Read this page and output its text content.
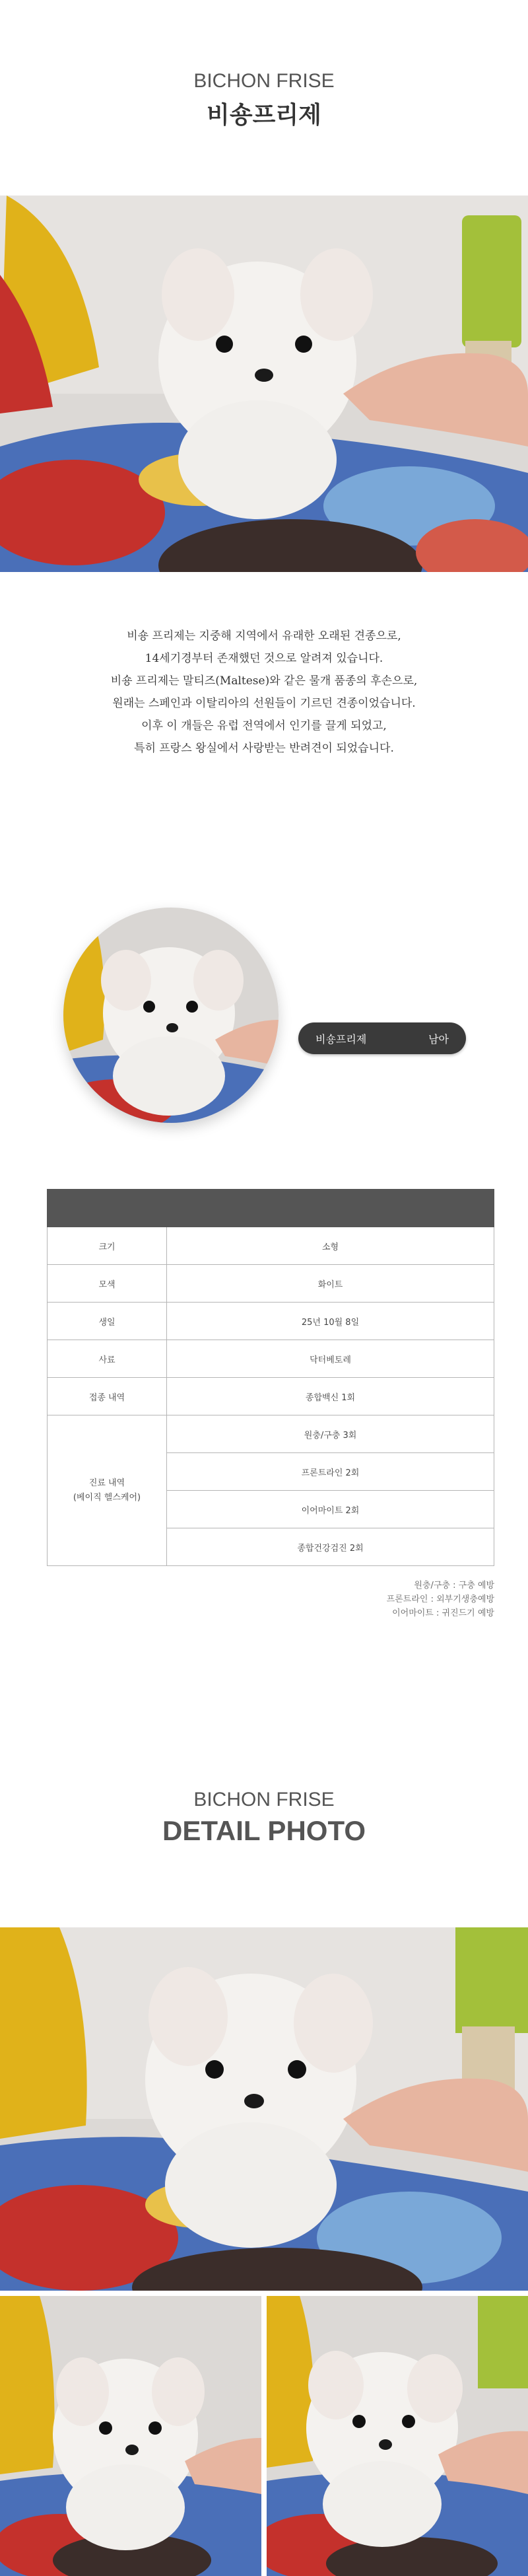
BICHON FRISE
비숑프리제

비숑 프리제는 지중해 지역에서 유래한 오래된 견종으로,

14세기경부터 존재했던 것으로 알려져 있습니다.

비숑 프리제는 말티즈(Maltese)와 같은 물개 품종의 후손으로,

원래는 스페인과 이탈리아의 선원들이 기르던 견종이었습니다.

이후 이 개들은 유럽 전역에서 인기를 끌게 되었고,

특히 프랑스 왕실에서 사랑받는 반려견이 되었습니다.

비숑프리제	남아

크기	소형
모색	화이트
생일	25년 10월 8일
사료	닥터베토레
접종 내역	종합백신 1회

진료 내역
(베이직 헬스케어)	원충/구충 3회
	프론트라인 2회
	이어마이트 2회
	종합건강검진 2회
원충/구충 : 구충 예방
프론트라인 : 외부기생충예방
이어마이트 : 귀진드기 예방
BICHON FRISE
DETAIL PHOTO
